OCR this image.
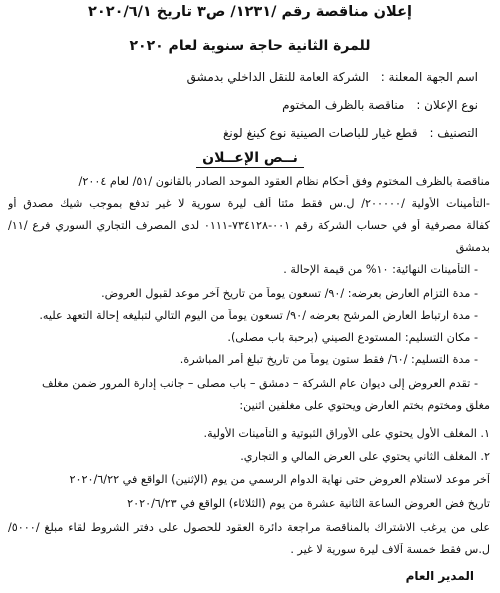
إعلان مناقصة رقم /١٢٣١/ ص٣ تاريخ ٢٠٢٠/٦/١
للمرة الثانية حاجة سنوية لعام ٢٠٢٠
اسم الجهة المعلنة : الشركة العامة للنقل الداخلي بدمشق
نوع الإعلان : مناقصة بالظرف المختوم
التصنيف : قطع غيار للباصات الصينية نوع كينغ لونغ
نــص الإعــلان
مناقصة بالظرف المختوم وفق أحكام نظام العقود الموحد الصادر بالقانون /٥١/ لعام ٢٠٠٤/
-التأمينات الأولية /٢٠٠٠٠٠/ ل.س فقط مئتا ألف ليرة سورية لا غير تدفع بموجب شيك مصدق أو
كفالة مصرفية أو في حساب الشركة رقم ٠٠١-٧٣٤١٢٨-٠١١١ لدى المصرف التجاري السوري فرع /١١/
بدمشق
- التأمينات النهائية: ١٠% من قيمة الإحالة .
- مدة التزام العارض بعرضه: /٩٠/ تسعون يوماً من تاريخ آخر موعد لقبول العروض.
- مدة ارتباط العارض المرشح بعرضه /٩٠/ تسعون يوماً من اليوم التالي لتبليغه إحالة التعهد عليه.
- مكان التسليم: المستودع الصيني (برحبة باب مصلى).
- مدة التسليم: /٦٠/ فقط ستون يوماً من تاريخ تبلغ أمر المباشرة.
- تقدم العروض إلى ديوان عام الشركة – دمشق – باب مصلى – جانب إدارة المرور ضمن مغلف
مغلق ومختوم بختم العارض ويحتوي على مغلفين اثنين:
١. المغلف الأول يحتوي على الأوراق الثبوتية و التأمينات الأولية.
٢. المغلف الثاني يحتوي على العرض المالي و التجاري.
آخر موعد لاستلام العروض حتى نهاية الدوام الرسمي من يوم (الإثنين) الواقع في ٢٠٢٠/٦/٢٢
تاريخ فض العروض الساعة الثانية عشرة من يوم (الثلاثاء) الواقع في ٢٠٢٠/٦/٢٣
على من يرغب الاشتراك بالمناقصة مراجعة دائرة العقود للحصول على دفتر الشروط لقاء مبلغ /٥٠٠٠/
ل.س فقط خمسة آلاف ليرة سورية لا غير .
المدير العام
